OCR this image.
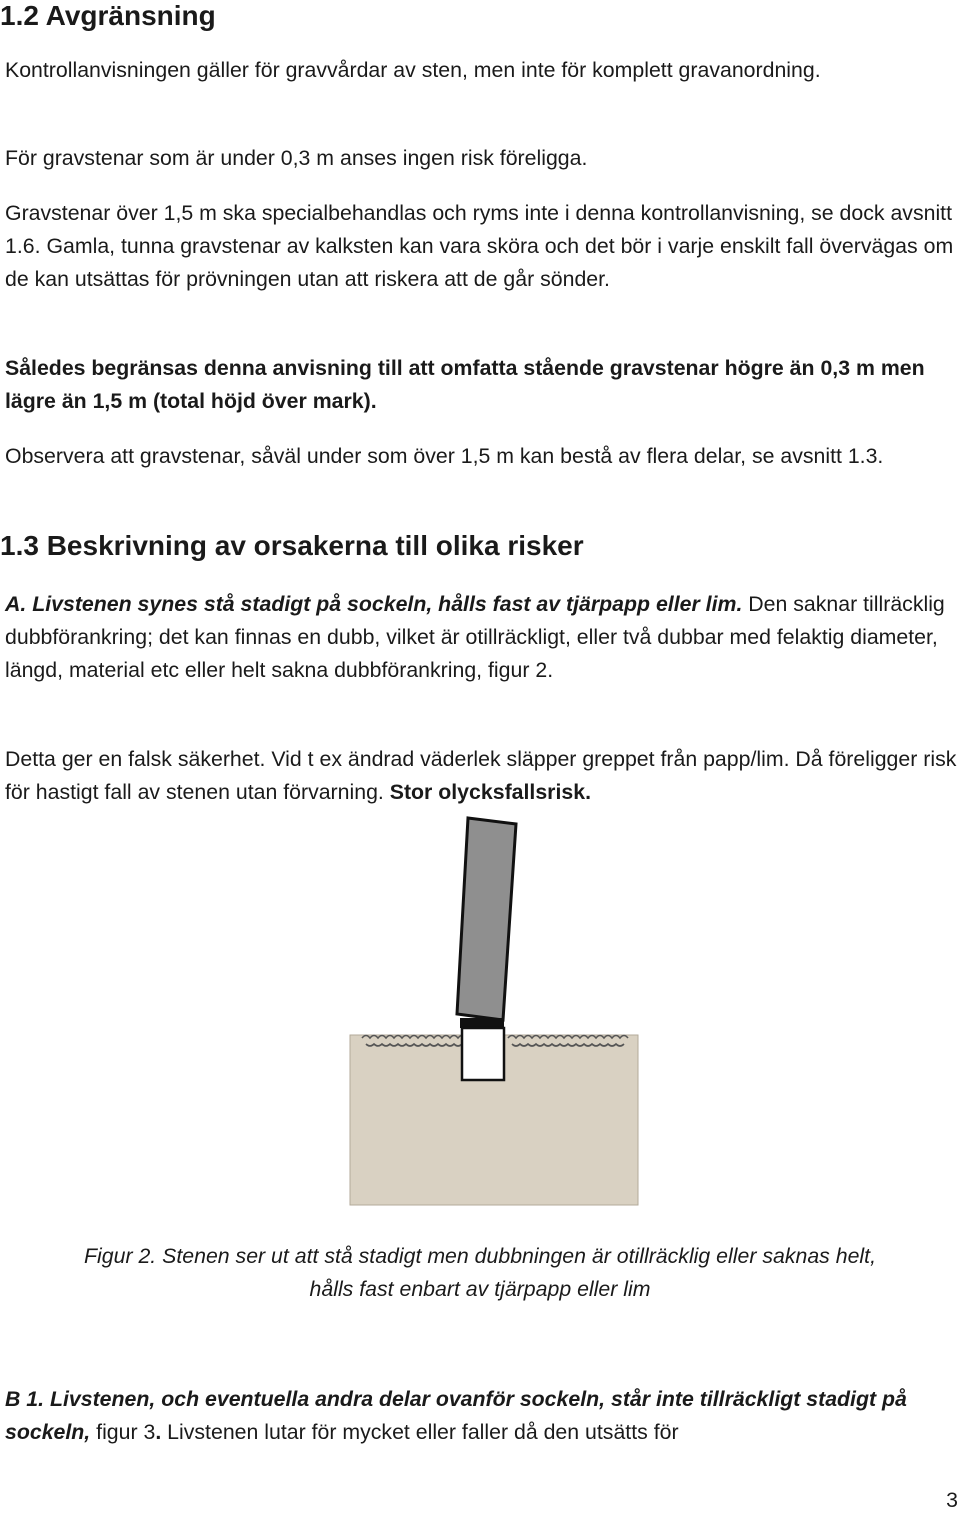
1.2 Avgränsning

Kontrollanvisningen gäller för gravvårdar av sten, men inte för komplett gravanordning.

För gravstenar som är under 0,3 m anses ingen risk föreligga.

Gravstenar över 1,5 m ska specialbehandlas och ryms inte i denna kontrollanvisning, se dock avsnitt 1.6. Gamla, tunna gravstenar av kalksten kan vara sköra och det bör i varje enskilt fall övervägas om de kan utsättas för prövningen utan att riskera att de går sönder.

Således begränsas denna anvisning till att omfatta stående gravstenar högre än 0,3 m men lägre än 1,5 m (total höjd över mark).

Observera att gravstenar, såväl under som över 1,5 m kan bestå av flera delar, se avsnitt 1.3.

1.3 Beskrivning av orsakerna till olika risker

A. Livstenen synes stå stadigt på sockeln, hålls fast av tjärpapp eller lim. Den saknar tillräcklig dubbförankring; det kan finnas en dubb, vilket är otillräckligt, eller två dubbar med felaktig diameter, längd, material etc eller helt sakna dubbförankring, figur 2.

Detta ger en falsk säkerhet. Vid t ex ändrad väderlek släpper greppet från papp/lim. Då föreligger risk för hastigt fall av stenen utan förvarning. Stor olycksfallsrisk.

Figur 2. Stenen ser ut att stå stadigt men dubbningen är otillräcklig eller saknas helt,

hålls fast enbart av tjärpapp eller lim

B 1. Livstenen, och eventuella andra delar ovanför sockeln, står inte tillräckligt stadigt på sockeln, figur 3. Livstenen lutar för mycket eller faller då den utsätts för

3
